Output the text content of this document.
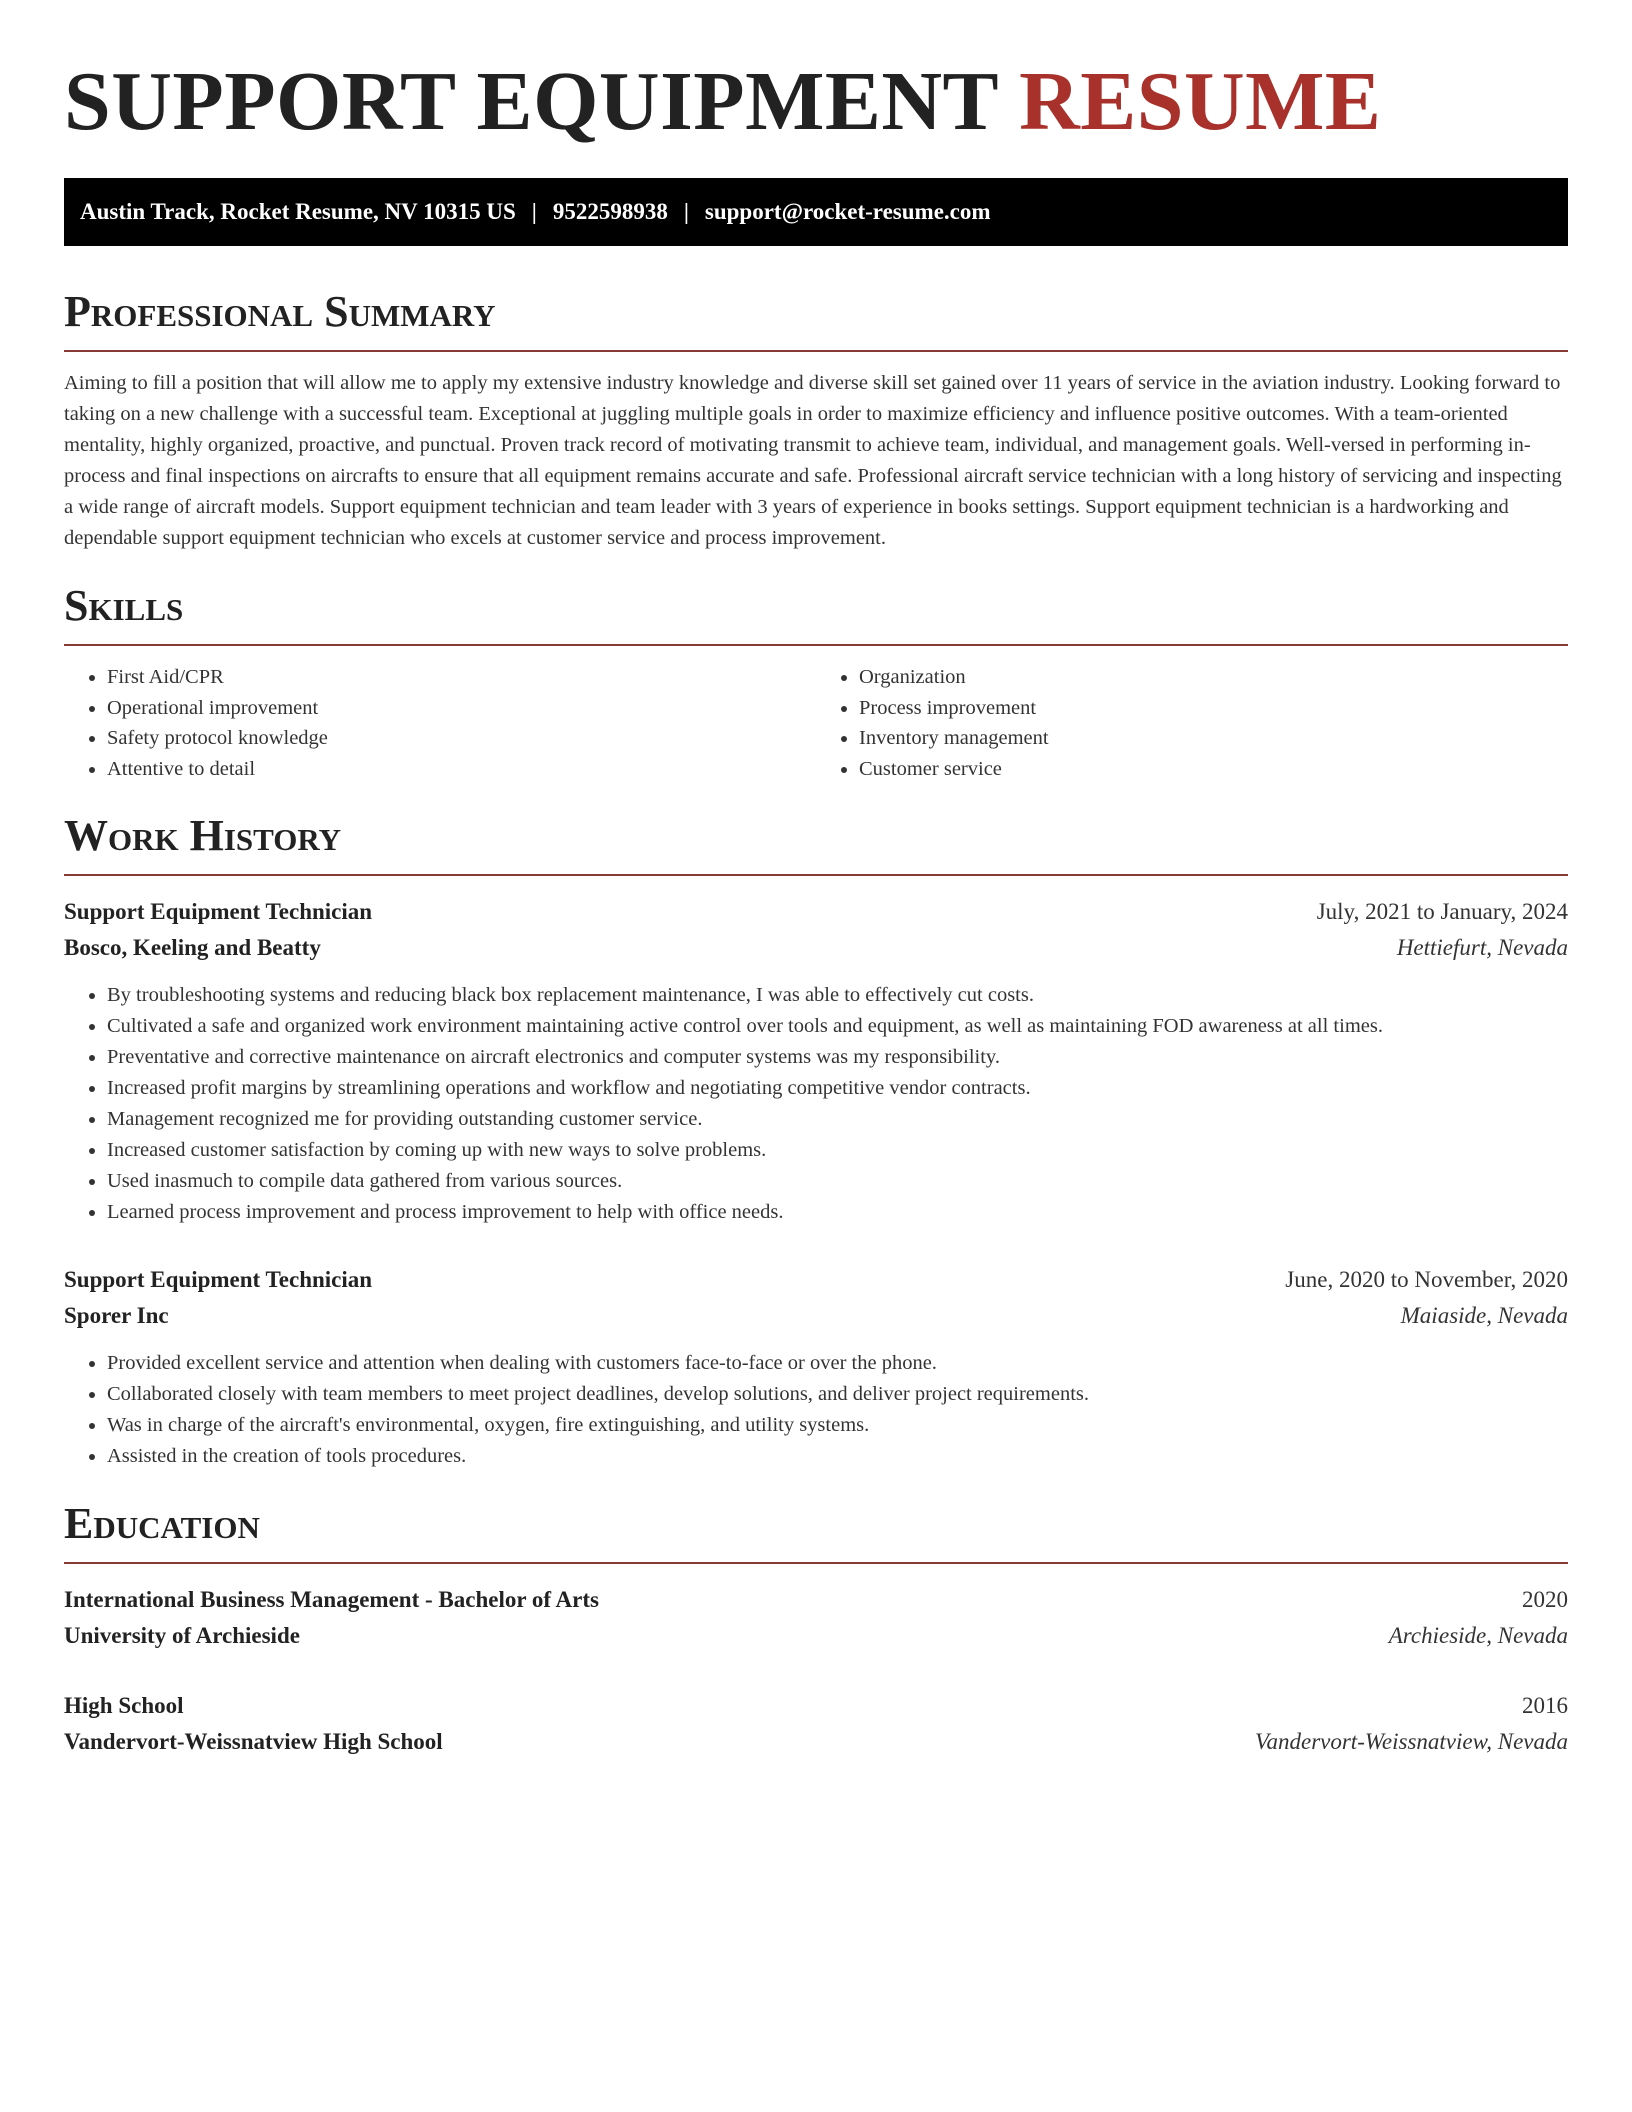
SUPPORT EQUIPMENT RESUME
Austin Track, Rocket Resume, NV 10315 US | 9522598938 | support@rocket-resume.com
Professional Summary

Aiming to fill a position that will allow me to apply my extensive industry knowledge and diverse skill set gained over 11 years of service in the aviation industry. Looking forward to taking on a new challenge with a successful team. Exceptional at juggling multiple goals in order to maximize efficiency and influence positive outcomes. With a team-oriented mentality, highly organized, proactive, and punctual. Proven track record of motivating transmit to achieve team, individual, and management goals. Well-versed in performing in-process and final inspections on aircrafts to ensure that all equipment remains accurate and safe. Professional aircraft service technician with a long history of servicing and inspecting a wide range of aircraft models. Support equipment technician and team leader with 3 years of experience in books settings. Support equipment technician is a hardworking and dependable support equipment technician who excels at customer service and process improvement.

Skills
• First Aid/CPR
• Operational improvement
• Safety protocol knowledge
• Attentive to detail
• Organization
• Process improvement
• Inventory management
• Customer service
Work History
Support Equipment Technician	July, 2021 to January, 2024
Bosco, Keeling and Beatty	Hettiefurt, Nevada
• By troubleshooting systems and reducing black box replacement maintenance, I was able to effectively cut costs.
• Cultivated a safe and organized work environment maintaining active control over tools and equipment, as well as maintaining FOD awareness at all times.
• Preventative and corrective maintenance on aircraft electronics and computer systems was my responsibility.
• Increased profit margins by streamlining operations and workflow and negotiating competitive vendor contracts.
• Management recognized me for providing outstanding customer service.
• Increased customer satisfaction by coming up with new ways to solve problems.
• Used inasmuch to compile data gathered from various sources.
• Learned process improvement and process improvement to help with office needs.
Support Equipment Technician	June, 2020 to November, 2020
Sporer Inc	Maiaside, Nevada
• Provided excellent service and attention when dealing with customers face-to-face or over the phone.
• Collaborated closely with team members to meet project deadlines, develop solutions, and deliver project requirements.
• Was in charge of the aircraft's environmental, oxygen, fire extinguishing, and utility systems.
• Assisted in the creation of tools procedures.
Education
International Business Management - Bachelor of Arts	2020
University of Archieside	Archieside, Nevada
High School	2016
Vandervort-Weissnatview High School	Vandervort-Weissnatview, Nevada
